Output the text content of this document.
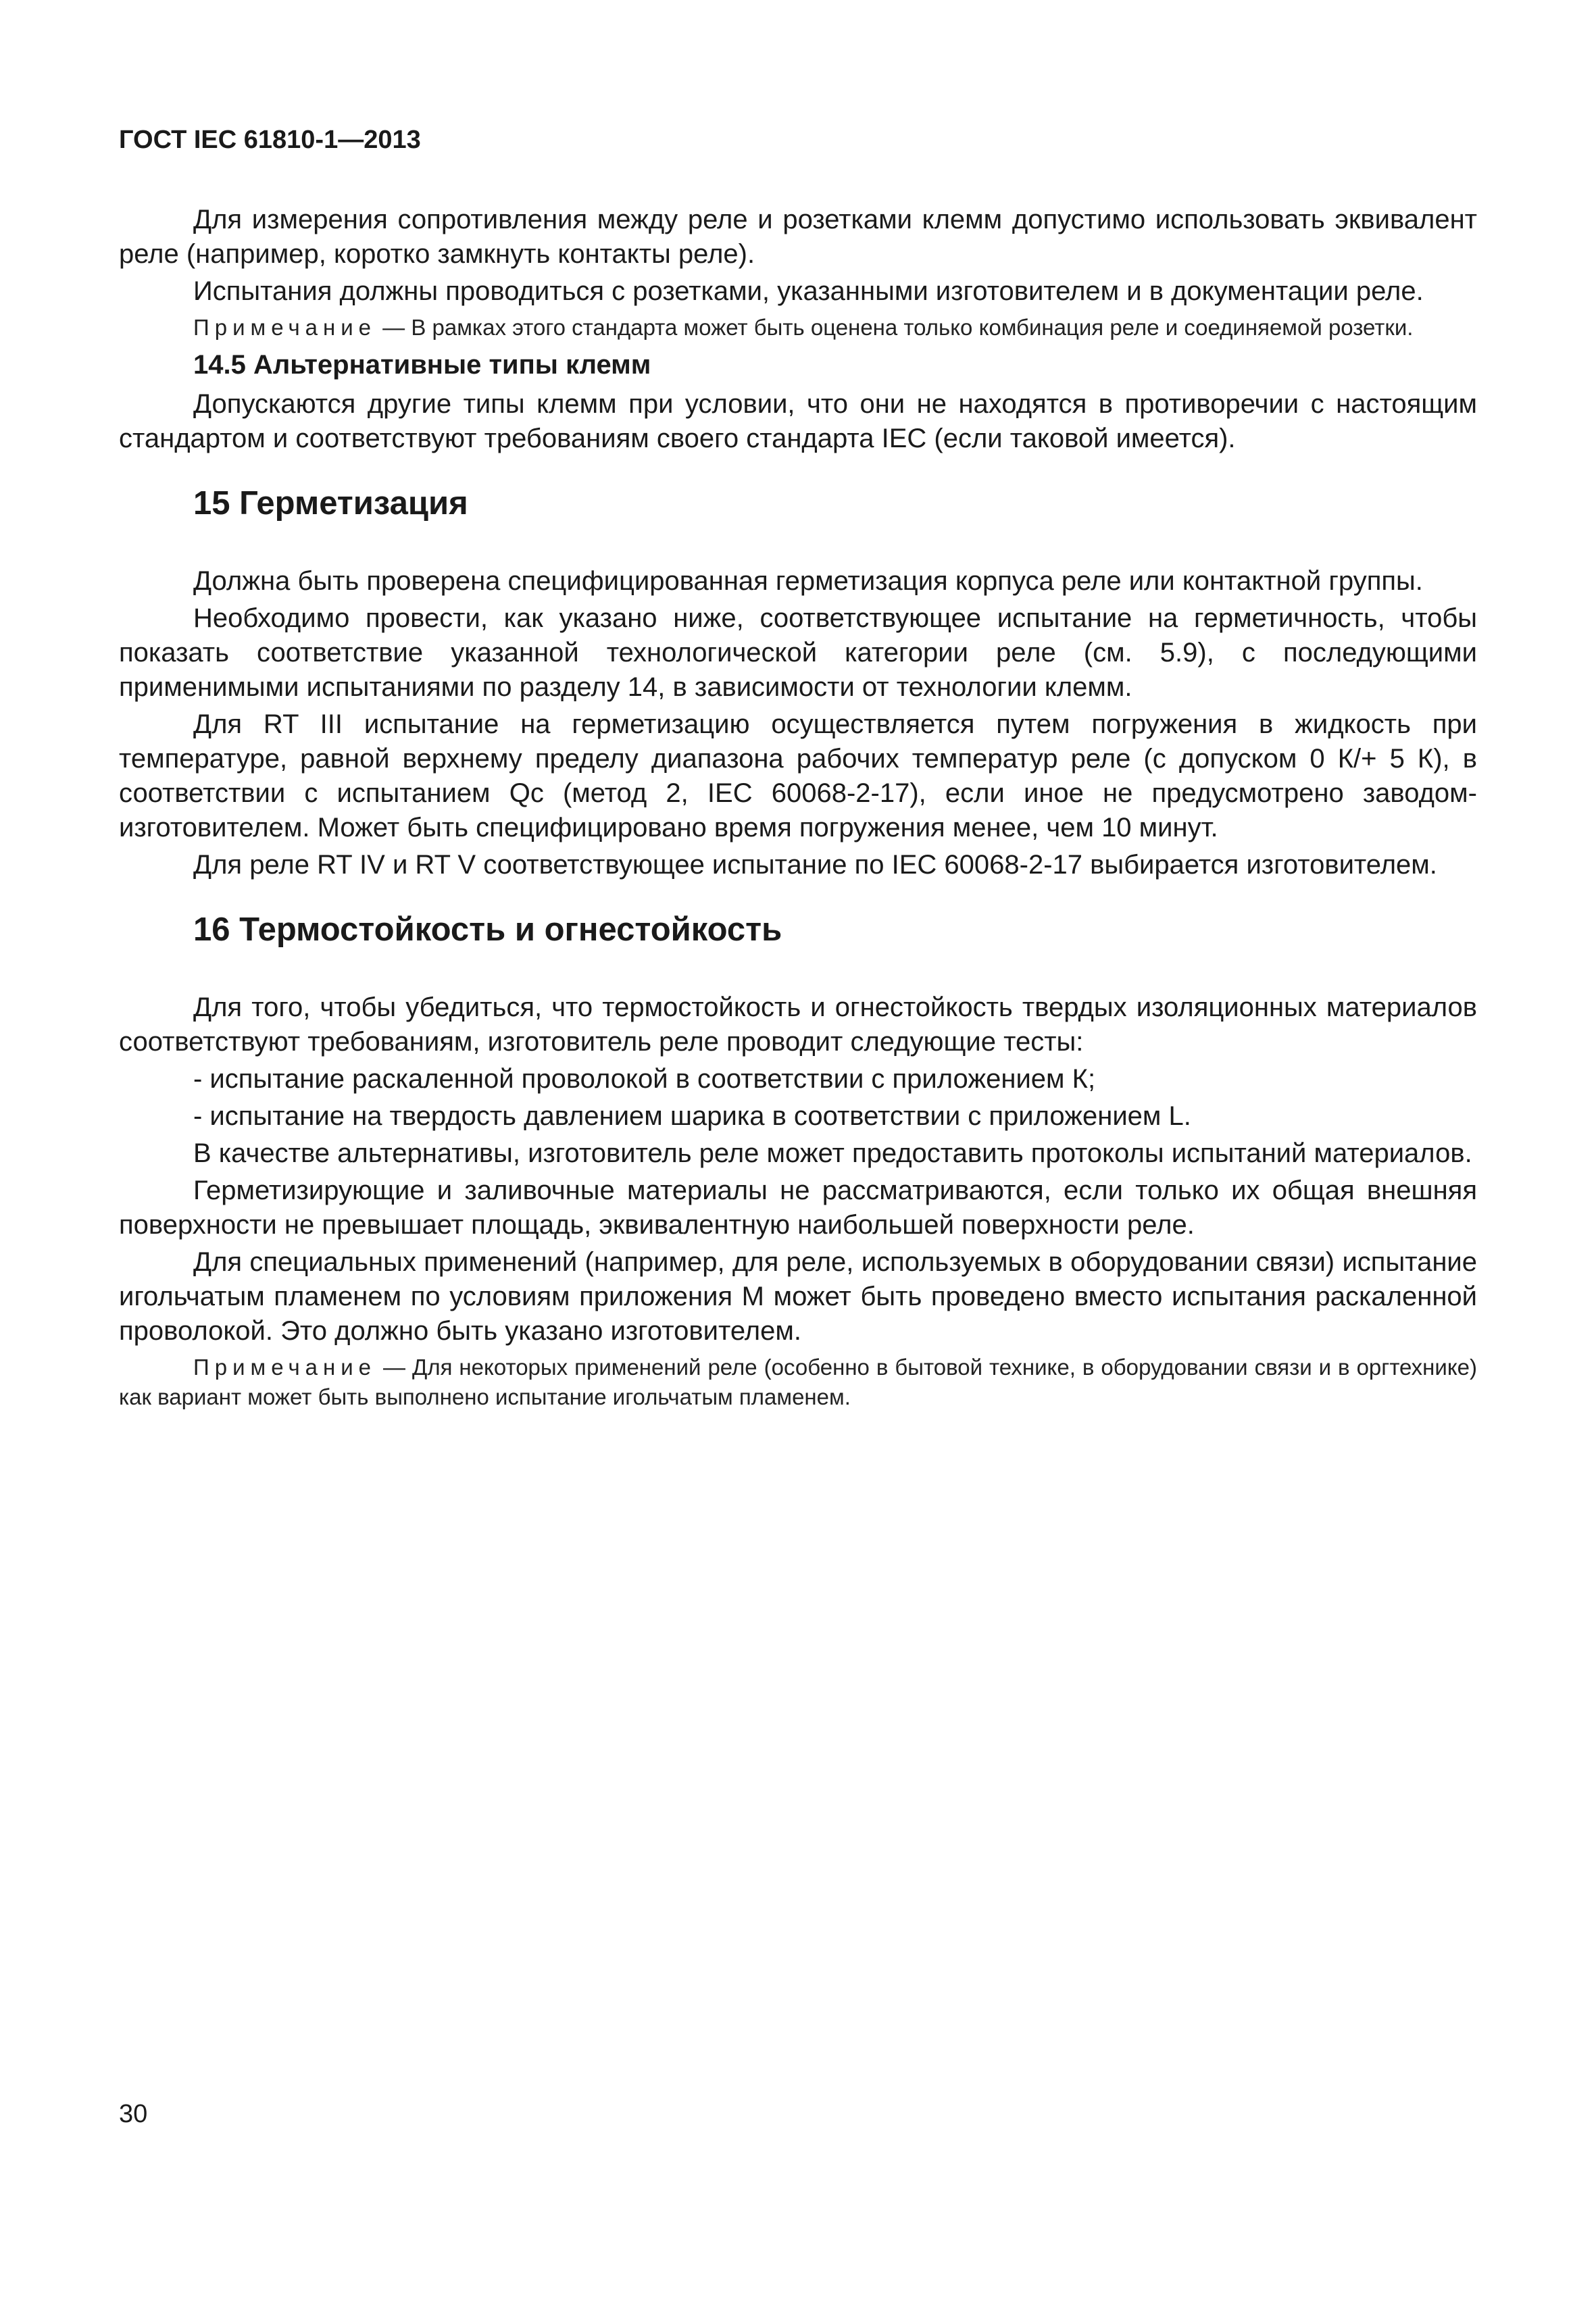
ГОСТ IEC 61810-1—2013

Для измерения сопротивления между реле и розетками клемм допустимо использовать эквивалент реле (например, коротко замкнуть контакты реле).

Испытания должны проводиться с розетками, указанными изготовителем и в документации реле.

Примечание — В рамках этого стандарта может быть оценена только комбинация реле и соединяемой розетки.

14.5 Альтернативные типы клемм

Допускаются другие типы клемм при условии, что они не находятся в противоречии с настоящим стандартом и соответствуют требованиям своего стандарта IEC (если таковой имеется).

15 Герметизация

Должна быть проверена специфицированная герметизация корпуса реле или контактной группы.

Необходимо провести, как указано ниже, соответствующее испытание на герметичность, чтобы показать соответствие указанной технологической категории реле (см. 5.9), с последующими применимыми испытаниями по разделу 14, в зависимости от технологии клемм.

Для RT III испытание на герметизацию осуществляется путем погружения в жидкость при температуре, равной верхнему пределу диапазона рабочих температур реле (с допуском 0 К/+ 5 К), в соответствии с испытанием Qc (метод 2, IEC 60068-2-17), если иное не предусмотрено заводом-изготовителем. Может быть специфицировано время погружения менее, чем 10 минут.

Для реле RT IV и RT V соответствующее испытание по IEC 60068-2-17 выбирается изготовителем.

16 Термостойкость и огнестойкость

Для того, чтобы убедиться, что термостойкость и огнестойкость твердых изоляционных материалов соответствуют требованиям, изготовитель реле проводит следующие тесты:

- испытание раскаленной проволокой в соответствии с приложением К;
- испытание на твердость давлением шарика в соответствии с приложением L.

В качестве альтернативы, изготовитель реле может предоставить протоколы испытаний материалов.

Герметизирующие и заливочные материалы не рассматриваются, если только их общая внешняя поверхности не превышает площадь, эквивалентную наибольшей поверхности реле.

Для специальных применений (например, для реле, используемых в оборудовании связи) испытание игольчатым пламенем по условиям приложения М может быть проведено вместо испытания раскаленной проволокой. Это должно быть указано изготовителем.

Примечание — Для некоторых применений реле (особенно в бытовой технике, в оборудовании связи и в оргтехнике) как вариант может быть выполнено испытание игольчатым пламенем.

30
